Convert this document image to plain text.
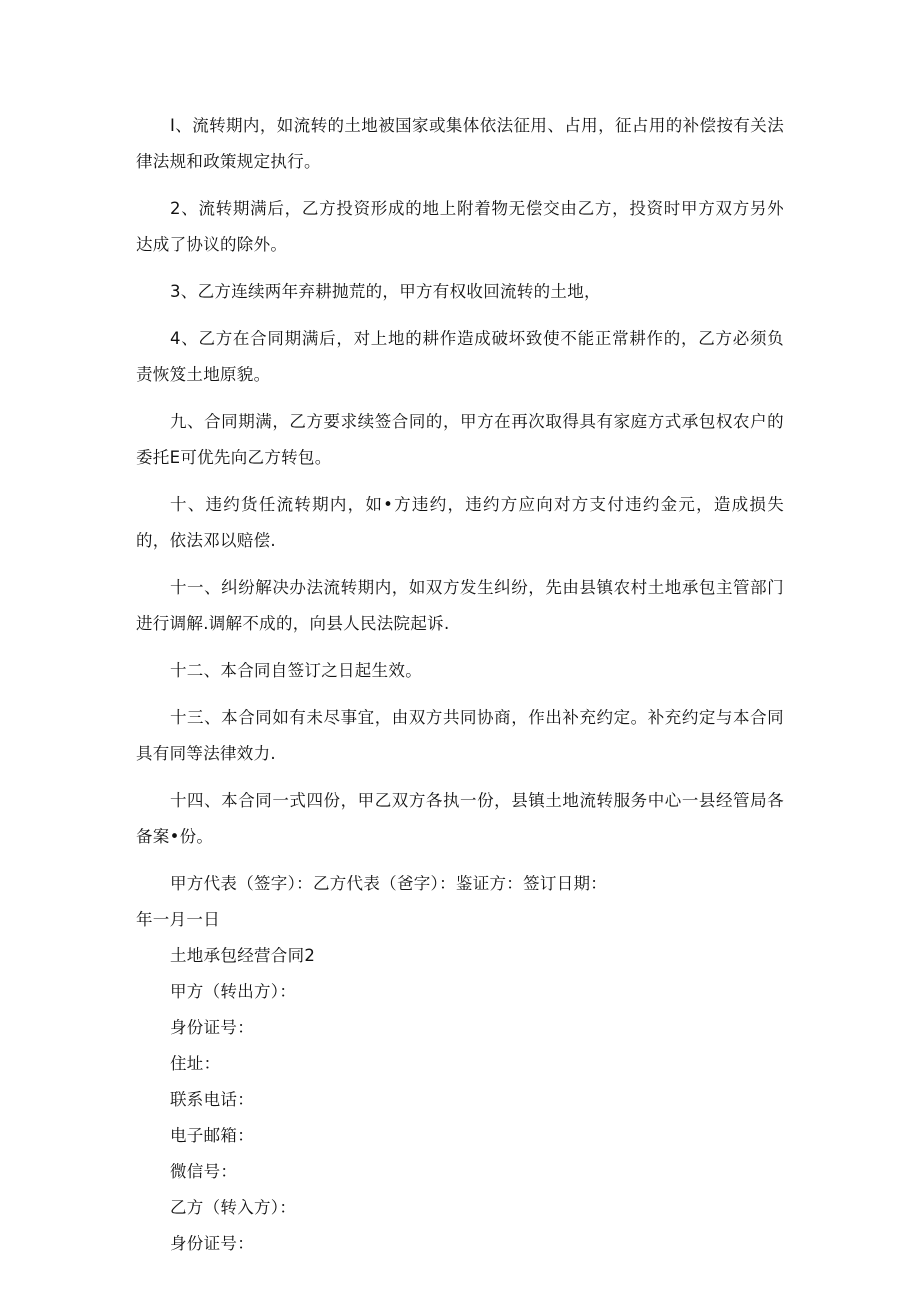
I、流转期内，如流转的土地被国家或集体依法征用、占用，征占用的补偿按有关法律法规和政策规定执行。

2、流转期满后，乙方投资形成的地上附着物无偿交由乙方，投资时甲方双方另外达成了协议的除外。

3、乙方连续两年弃耕抛荒的，甲方有权收回流转的土地，

4、乙方在合同期满后，对上地的耕作造成破坏致使不能正常耕作的，乙方必须负责恢笈土地原貌。

九、合同期满，乙方要求续签合同的，甲方在再次取得具有家庭方式承包权农户的委托E可优先向乙方转包。

十、违约货任流转期内，如•方违约，违约方应向对方支付违约金元，造成损失的，依法邓以赔偿.

十一、纠纷解决办法流转期内，如双方发生纠纷，先由县镇农村土地承包主管部门进行调解.调解不成的，向县人民法院起诉.

十二、本合同自签订之日起生效。

十三、本合同如有未尽事宜，由双方共同协商，作出补充约定。补充约定与本合同具有同等法律效力.

十四、本合同一式四份，甲乙双方各执一份，县镇土地流转服务中心一县经管局各备案•份。

甲方代表（签字）：乙方代表（爸字）：鉴证方：签订日期：

年一月一日

土地承包经营合同2

甲方（转出方）：

身份证号：

住址：

联系电话：

电子邮箱：

微信号：

乙方（转入方）：

身份证号：
